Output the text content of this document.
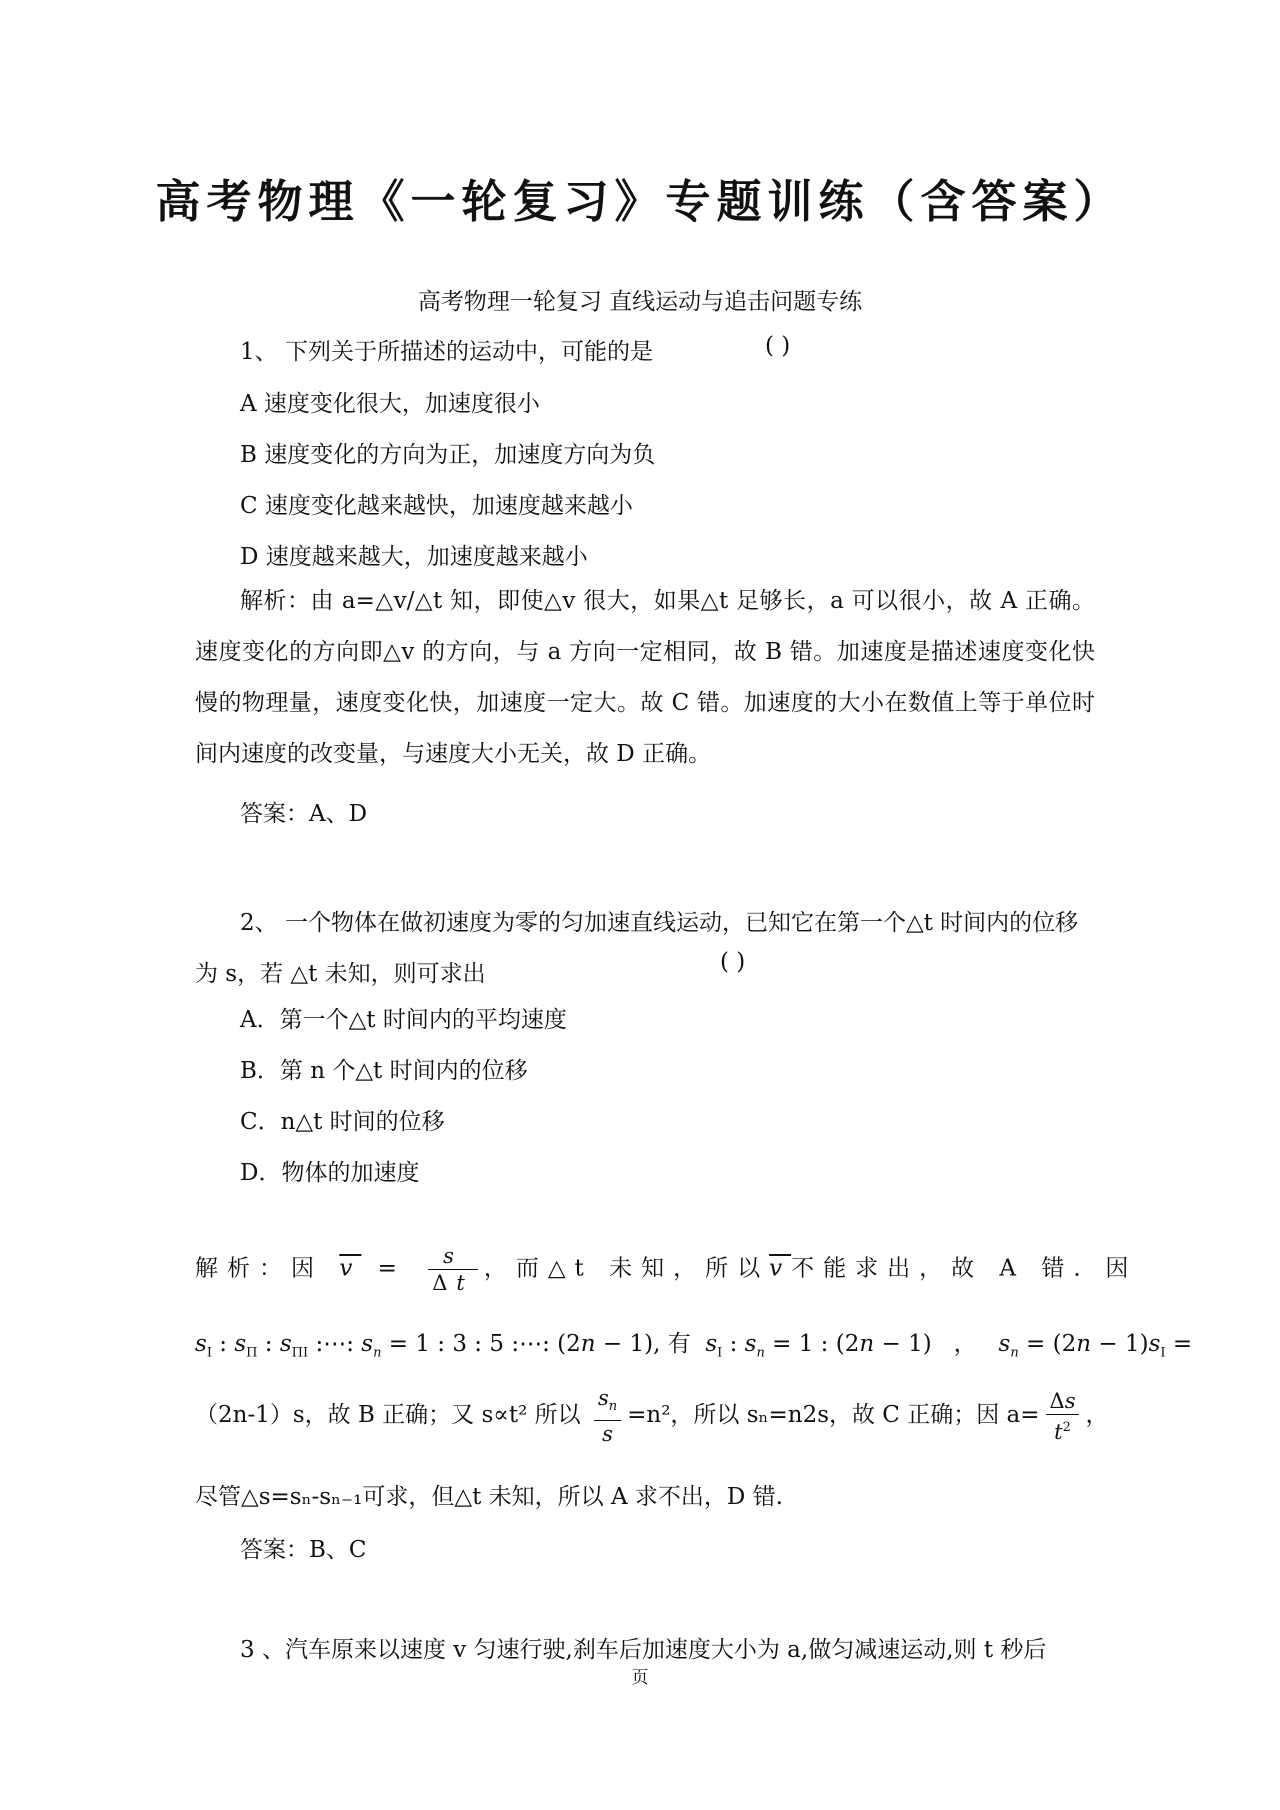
高考物理《一轮复习》专题训练（含答案）
高考物理一轮复习 直线运动与追击问题专练
1、 下列关于所描述的运动中，可能的是	( )
A 速度变化很大，加速度很小
B 速度变化的方向为正，加速度方向为负
C 速度变化越来越快，加速度越来越小
D 速度越来越大，加速度越来越小
解析：由 a=△v/△t 知，即使△v 很大，如果△t 足够长，a 可以很小，故 A 正确。速度变化的方向即△v 的方向，与 a 方向一定相同，故 B 错。加速度是描述速度变化快慢的物理量，速度变化快，加速度一定大。故 C 错。加速度的大小在数值上等于单位时间内速度的改变量，与速度大小无关，故 D 正确。
答案：A、D
2、 一个物体在做初速度为零的匀加速直线运动，已知它在第一个△t 时间内的位移为 s，若 △t 未知，则可求出	( )
A．第一个△t 时间内的平均速度
B．第 n 个△t 时间内的位移
C．n△t 时间的位移
D．物体的加速度
解析：因 $\overline{v} = \frac{s}{\Delta t}$ ，而△t 未知，所以$\overline{v}$不能求出，故 A 错．因
$s_I$ : $s_\Pi$ : $s_{\Pi I}$ :⋯: $s_n = 1$ : 3 : 5 :⋯: (2n − 1), 有 $s_I$ : $s_n = 1$ : (2n − 1)   ，   $s_n = (2n - 1)s_I$ =
（2n-1）s，故 B 正确；又 s∝t² 所以 $\frac{s_n}{s} =n^2$，所以 sₙ=n2s，故 C 正确；因 $a= \frac{\Delta s}{t^2}$ ，
尽管△s=sₙ-sₙ₋₁可求，但△t 未知，所以 A 求不出，D 错.
答案：B、C
3 、汽车原来以速度 v 匀速行驶,刹车后加速度大小为 a,做匀减速运动,则 t 秒后
页
